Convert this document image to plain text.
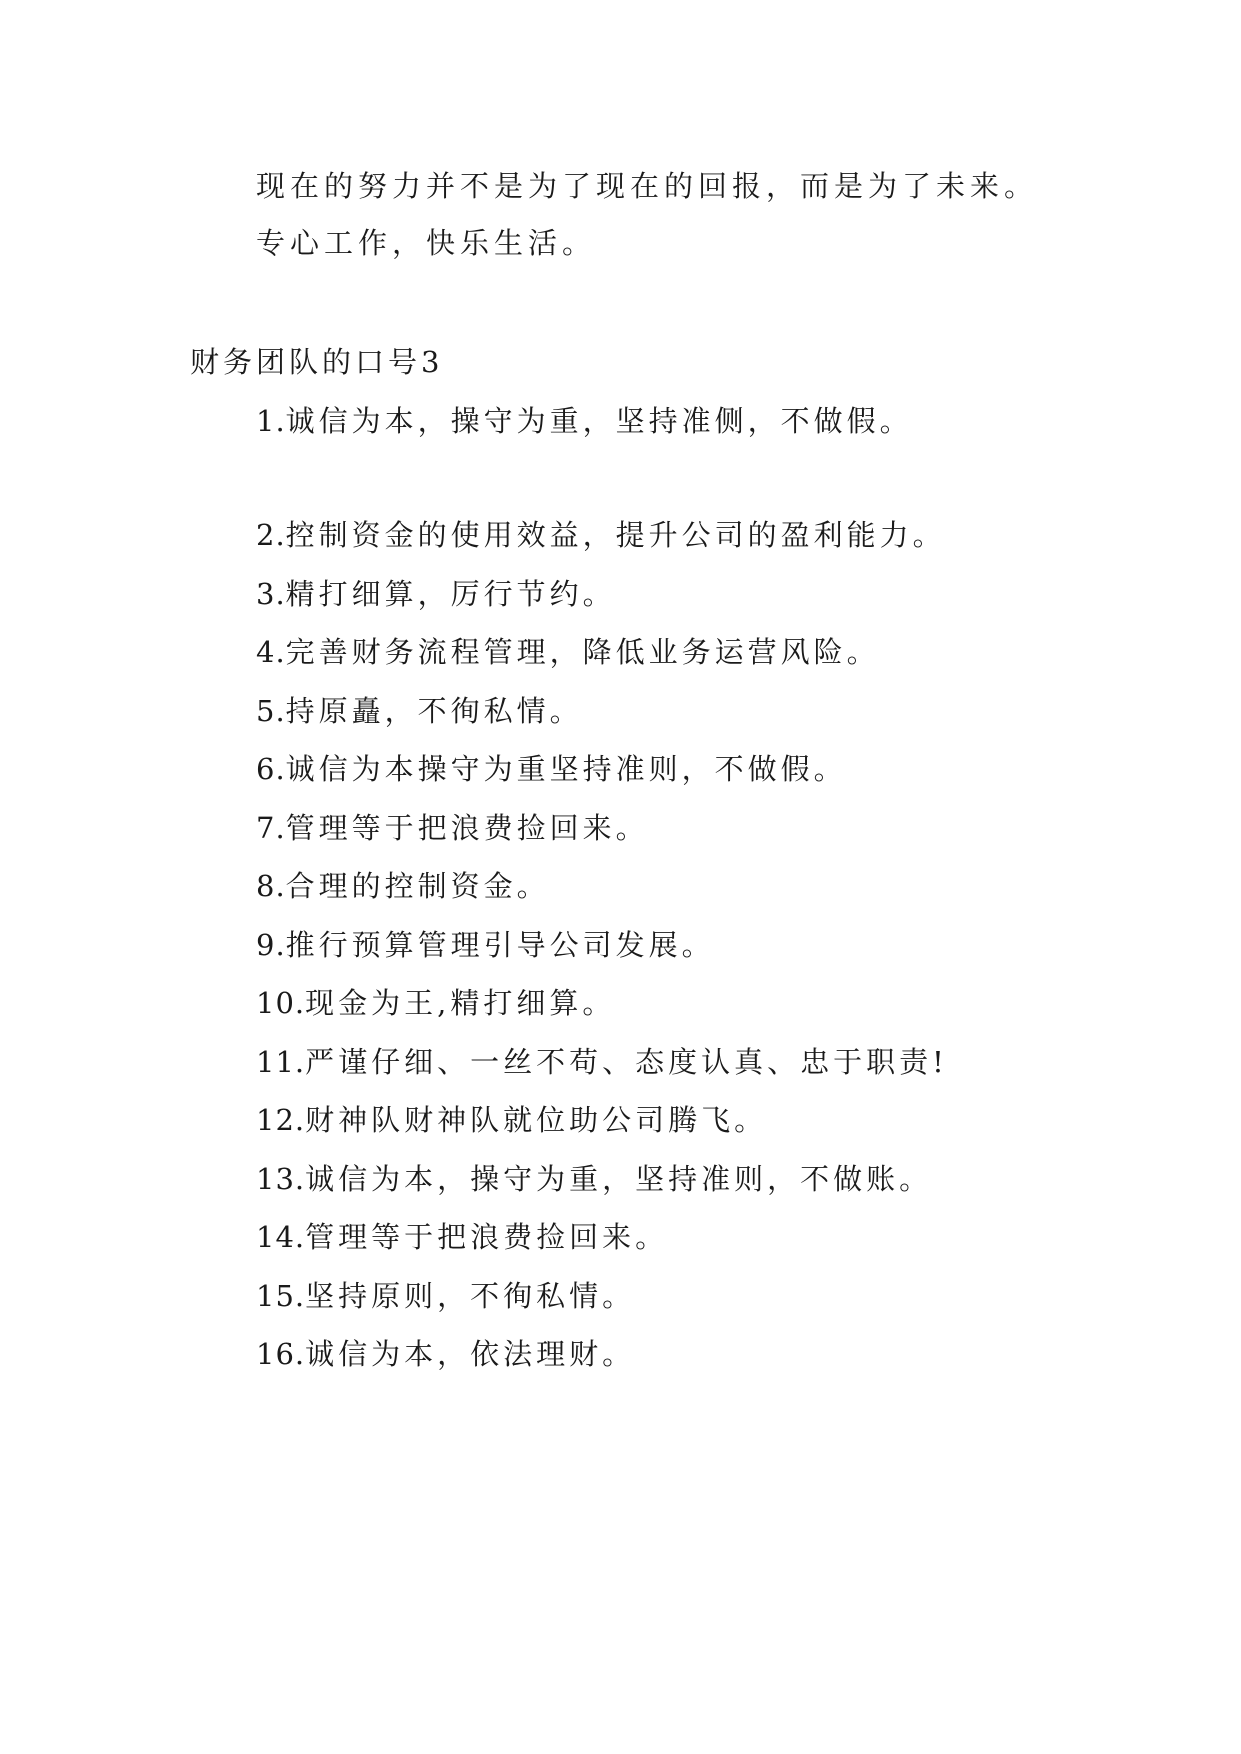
现在的努力并不是为了现在的回报，而是为了未来。
专心工作，快乐生活。
财务团队的口号3
1.诚信为本，操守为重，坚持准侧，不做假。
2.控制资金的使用效益，提升公司的盈利能力。
3.精打细算，厉行节约。
4.完善财务流程管理，降低业务运营风险。
5.持原矗，不徇私情。
6.诚信为本操守为重坚持准则，不做假。
7.管理等于把浪费捡回来。
8.合理的控制资金。
9.推行预算管理引导公司发展。
10.现金为王,精打细算。
11.严谨仔细、一丝不苟、态度认真、忠于职责!
12.财神队财神队就位助公司腾飞。
13.诚信为本，操守为重，坚持准则，不做账。
14.管理等于把浪费捡回来。
15.坚持原则，不徇私情。
16.诚信为本，依法理财。
